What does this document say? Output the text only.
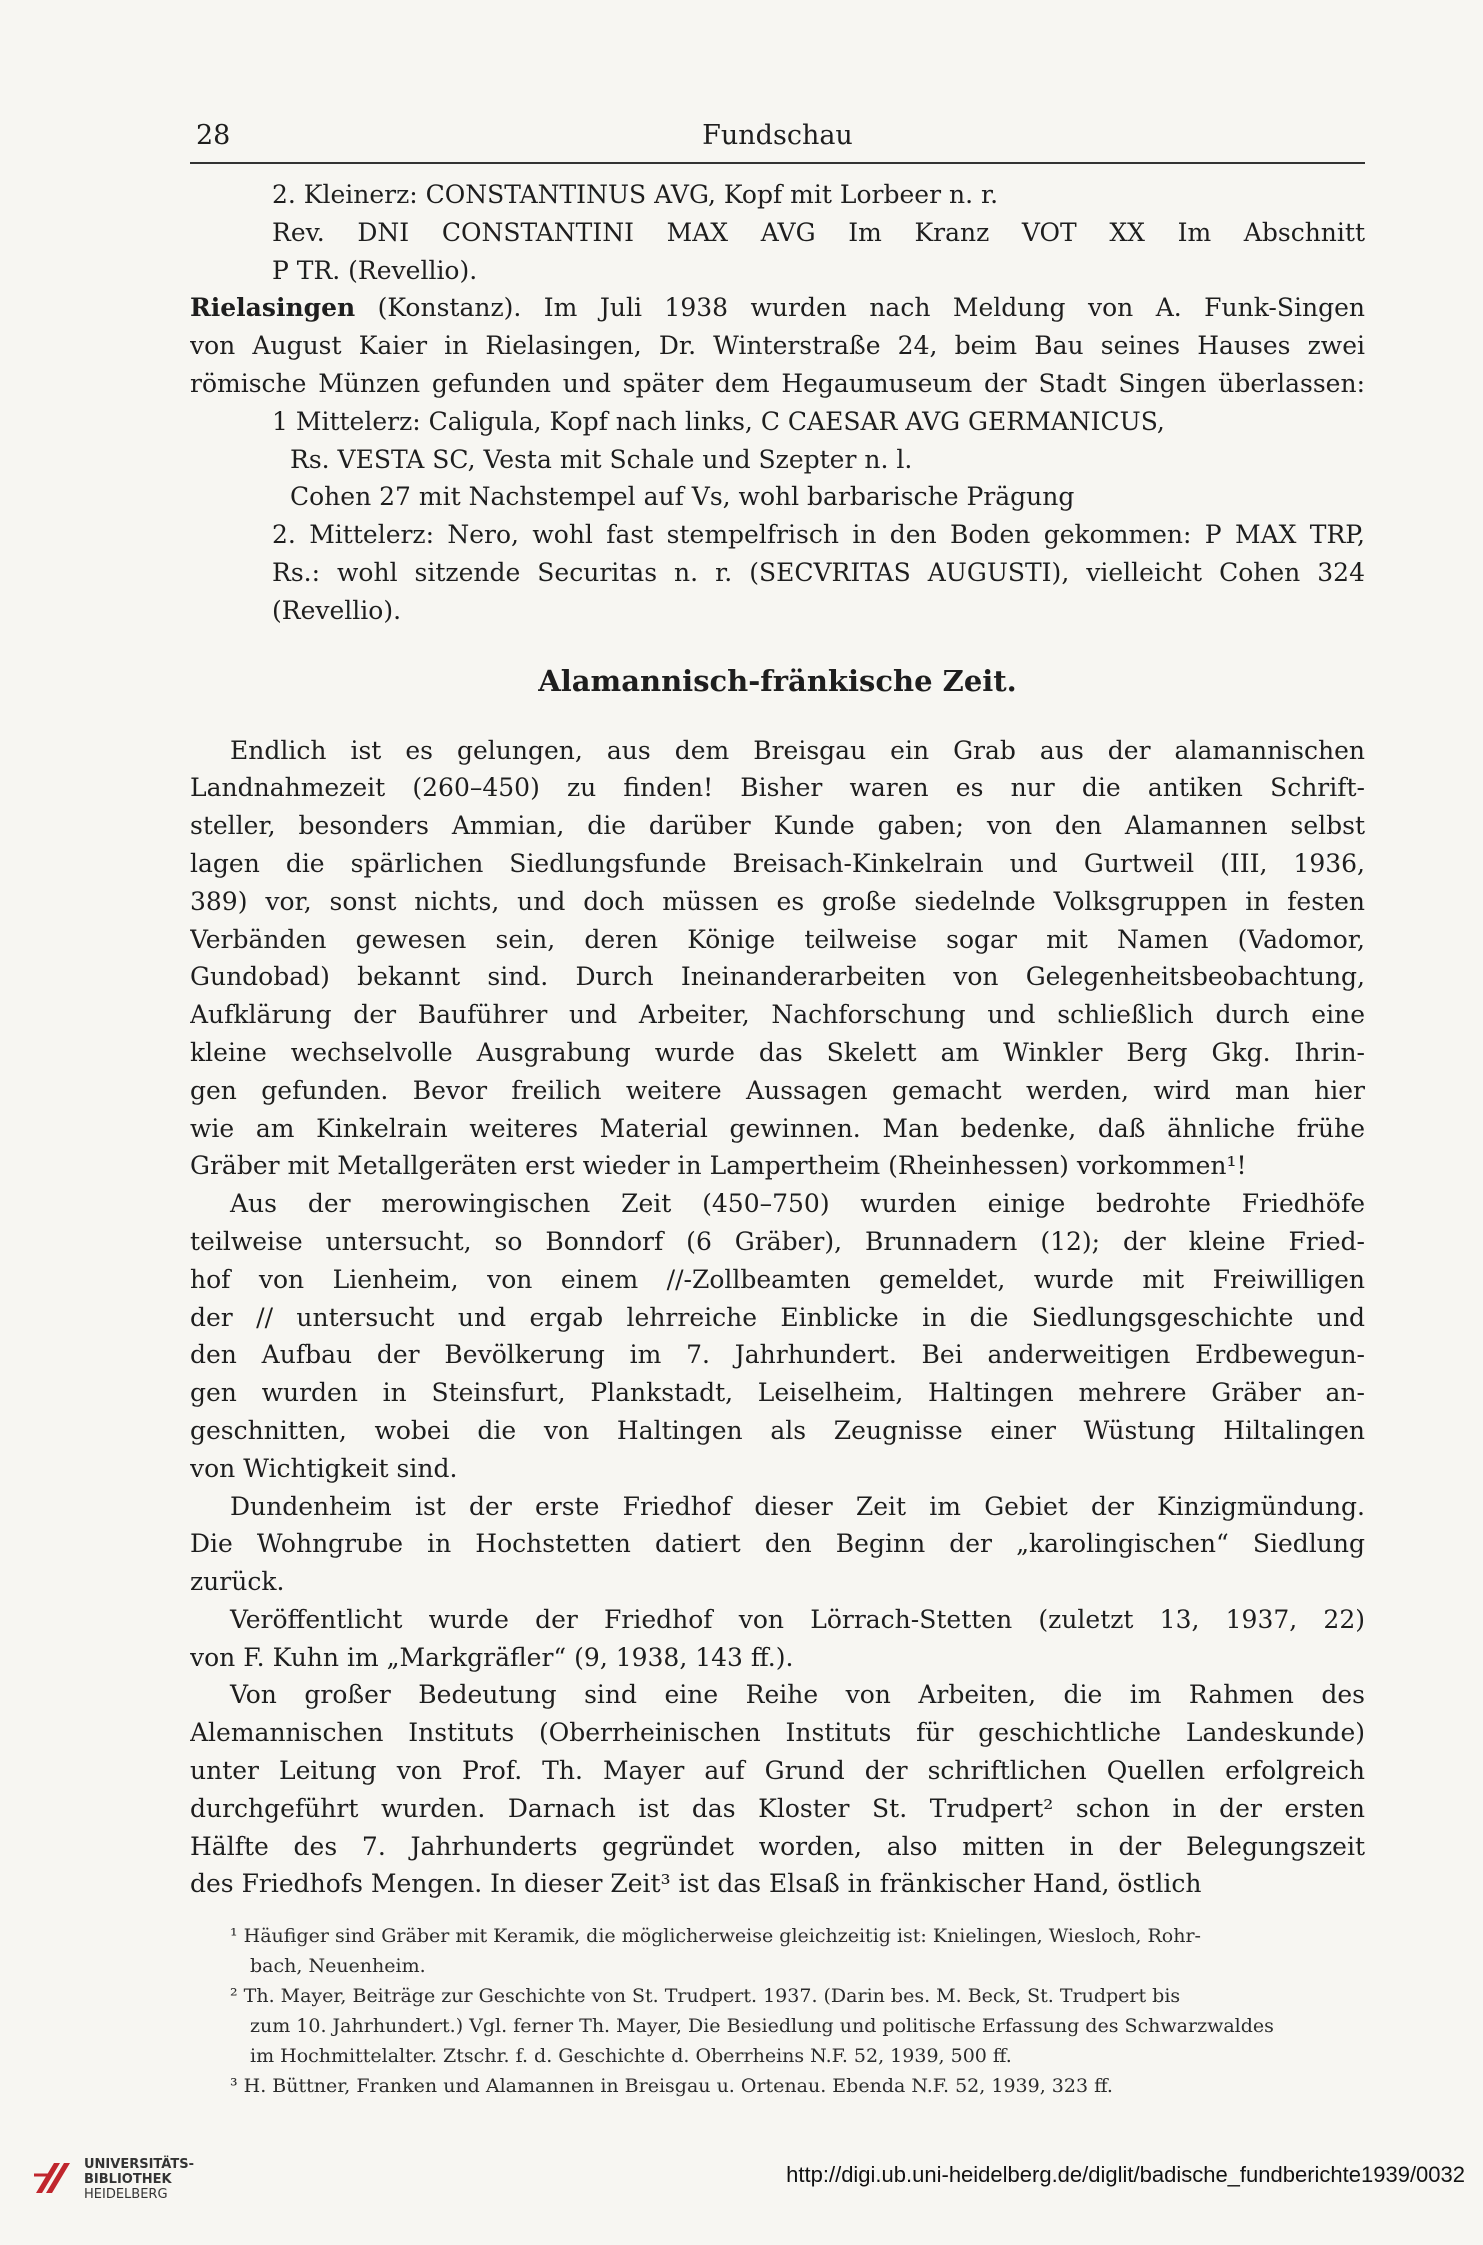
28	Fundschau
2. Kleinerz: CONSTANTINUS AVG, Kopf mit Lorbeer n. r.
Rev. DNI CONSTANTINI MAX AVG Im Kranz VOT XX Im Abschnitt
P TR. (Revellio).
Rielasingen (Konstanz). Im Juli 1938 wurden nach Meldung von A. Funk-Singen
von August Kaier in Rielasingen, Dr. Winterstraße 24, beim Bau seines Hauses zwei
römische Münzen gefunden und später dem Hegaumuseum der Stadt Singen überlassen:
1 Mittelerz: Caligula, Kopf nach links, C CAESAR AVG GERMANICUS,
Rs. VESTA SC, Vesta mit Schale und Szepter n. l.
Cohen 27 mit Nachstempel auf Vs, wohl barbarische Prägung
2. Mittelerz: Nero, wohl fast stempelfrisch in den Boden gekommen: P MAX TRP,
Rs.: wohl sitzende Securitas n. r. (SECVRITAS AUGUSTI), vielleicht Cohen 324
(Revellio).
Alamannisch-fränkische Zeit.
Endlich ist es gelungen, aus dem Breisgau ein Grab aus der alamannischen
Landnahmezeit (260–450) zu finden! Bisher waren es nur die antiken Schrift-
steller, besonders Ammian, die darüber Kunde gaben; von den Alamannen selbst
lagen die spärlichen Siedlungsfunde Breisach-Kinkelrain und Gurtweil (III, 1936,
389) vor, sonst nichts, und doch müssen es große siedelnde Volksgruppen in festen
Verbänden gewesen sein, deren Könige teilweise sogar mit Namen (Vadomor,
Gundobad) bekannt sind. Durch Ineinanderarbeiten von Gelegenheitsbeobachtung,
Aufklärung der Bauführer und Arbeiter, Nachforschung und schließlich durch eine
kleine wechselvolle Ausgrabung wurde das Skelett am Winkler Berg Gkg. Ihrin-
gen gefunden. Bevor freilich weitere Aussagen gemacht werden, wird man hier
wie am Kinkelrain weiteres Material gewinnen. Man bedenke, daß ähnliche frühe
Gräber mit Metallgeräten erst wieder in Lampertheim (Rheinhessen) vorkommen¹!
Aus der merowingischen Zeit (450–750) wurden einige bedrohte Friedhöfe
teilweise untersucht, so Bonndorf (6 Gräber), Brunnadern (12); der kleine Fried-
hof von Lienheim, von einem //-Zollbeamten gemeldet, wurde mit Freiwilligen
der // untersucht und ergab lehrreiche Einblicke in die Siedlungsgeschichte und
den Aufbau der Bevölkerung im 7. Jahrhundert. Bei anderweitigen Erdbewegun-
gen wurden in Steinsfurt, Plankstadt, Leiselheim, Haltingen mehrere Gräber an-
geschnitten, wobei die von Haltingen als Zeugnisse einer Wüstung Hiltalingen
von Wichtigkeit sind.
Dundenheim ist der erste Friedhof dieser Zeit im Gebiet der Kinzigmündung.
Die Wohngrube in Hochstetten datiert den Beginn der „karolingischen“ Siedlung
zurück.
Veröffentlicht wurde der Friedhof von Lörrach-Stetten (zuletzt 13, 1937, 22)
von F. Kuhn im „Markgräfler“ (9, 1938, 143 ff.).
Von großer Bedeutung sind eine Reihe von Arbeiten, die im Rahmen des
Alemannischen Instituts (Oberrheinischen Instituts für geschichtliche Landeskunde)
unter Leitung von Prof. Th. Mayer auf Grund der schriftlichen Quellen erfolgreich
durchgeführt wurden. Darnach ist das Kloster St. Trudpert² schon in der ersten
Hälfte des 7. Jahrhunderts gegründet worden, also mitten in der Belegungszeit
des Friedhofs Mengen. In dieser Zeit³ ist das Elsaß in fränkischer Hand, östlich
¹ Häufiger sind Gräber mit Keramik, die möglicherweise gleichzeitig ist: Knielingen, Wiesloch, Rohr-
bach, Neuenheim.
² Th. Mayer, Beiträge zur Geschichte von St. Trudpert. 1937. (Darin bes. M. Beck, St. Trudpert bis
zum 10. Jahrhundert.) Vgl. ferner Th. Mayer, Die Besiedlung und politische Erfassung des Schwarzwaldes
im Hochmittelalter. Ztschr. f. d. Geschichte d. Oberrheins N.F. 52, 1939, 500 ff.
³ H. Büttner, Franken und Alamannen in Breisgau u. Ortenau. Ebenda N.F. 52, 1939, 323 ff.
UNIVERSITÄTS-
BIBLIOTHEK
HEIDELBERG
http://digi.ub.uni-heidelberg.de/diglit/badische_fundberichte1939/0032
